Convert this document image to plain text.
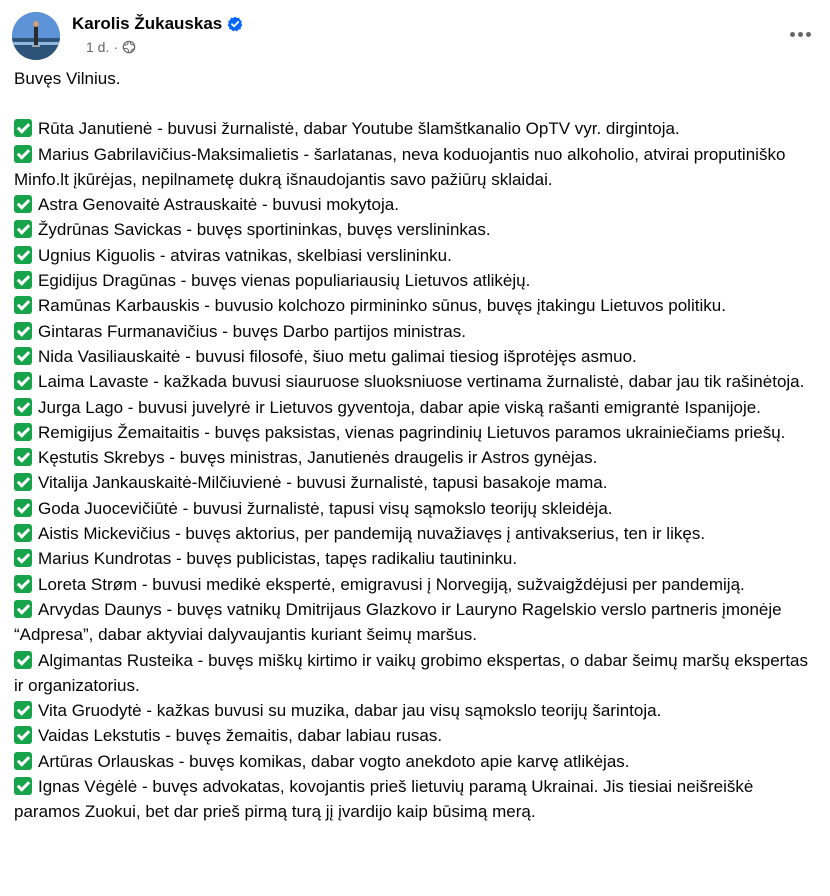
Karolis Žukauskas
1 d. ·

Buvęs Vilnius.

Rūta Janutienė - buvusi žurnalistė, dabar Youtube šlamštkanalio OpTV vyr. dirgintoja.

Marius Gabrilavičius-Maksimalietis - šarlatanas, neva koduojantis nuo alkoholio, atvirai proputiniško Minfo.lt įkūrėjas, nepilnametę dukrą išnaudojantis savo pažiūrų sklaidai.

Astra Genovaitė Astrauskaitė - buvusi mokytoja.

Žydrūnas Savickas - buvęs sportininkas, buvęs verslininkas.

Ugnius Kiguolis - atviras vatnikas, skelbiasi verslininku.

Egidijus Dragūnas - buvęs vienas populiariausių Lietuvos atlikėjų.

Ramūnas Karbauskis - buvusio kolchozo pirmininko sūnus, buvęs įtakingu Lietuvos politiku.

Gintaras Furmanavičius - buvęs Darbo partijos ministras.

Nida Vasiliauskaitė - buvusi filosofė, šiuo metu galimai tiesiog išprotėjęs asmuo.

Laima Lavaste - kažkada buvusi siauruose sluoksniuose vertinama žurnalistė, dabar jau tik rašinėtoja.

Jurga Lago - buvusi juvelyrė ir Lietuvos gyventoja, dabar apie viską rašanti emigrantė Ispanijoje.

Remigijus Žemaitaitis - buvęs paksistas, vienas pagrindinių Lietuvos paramos ukrainiečiams priešų.

Kęstutis Skrebys - buvęs ministras, Janutienės draugelis ir Astros gynėjas.

Vitalija Jankauskaitė-Milčiuvienė - buvusi žurnalistė, tapusi basakoje mama.

Goda Juocevičiūtė - buvusi žurnalistė, tapusi visų sąmokslo teorijų skleidėja.

Aistis Mickevičius - buvęs aktorius, per pandemiją nuvažiavęs į antivakserius, ten ir likęs.

Marius Kundrotas - buvęs publicistas, tapęs radikaliu tautininku.

Loreta Strøm - buvusi medikė ekspertė, emigravusi į Norvegiją, sužvaigždėjusi per pandemiją.

Arvydas Daunys - buvęs vatnikų Dmitrijaus Glazkovo ir Lauryno Ragelskio verslo partneris įmonėje “Adpresa”, dabar aktyviai dalyvaujantis kuriant šeimų maršus.

Algimantas Rusteika - buvęs miškų kirtimo ir vaikų grobimo ekspertas, o dabar šeimų maršų ekspertas ir organizatorius.

Vita Gruodytė - kažkas buvusi su muzika, dabar jau visų sąmokslo teorijų šarintoja.

Vaidas Lekstutis - buvęs žemaitis, dabar labiau rusas.

Artūras Orlauskas - buvęs komikas, dabar vogto anekdoto apie karvę atlikėjas.

Ignas Vėgėlė - buvęs advokatas, kovojantis prieš lietuvių paramą Ukrainai. Jis tiesiai neišreiškė paramos Zuokui, bet dar prieš pirmą turą jį įvardijo kaip būsimą merą.
